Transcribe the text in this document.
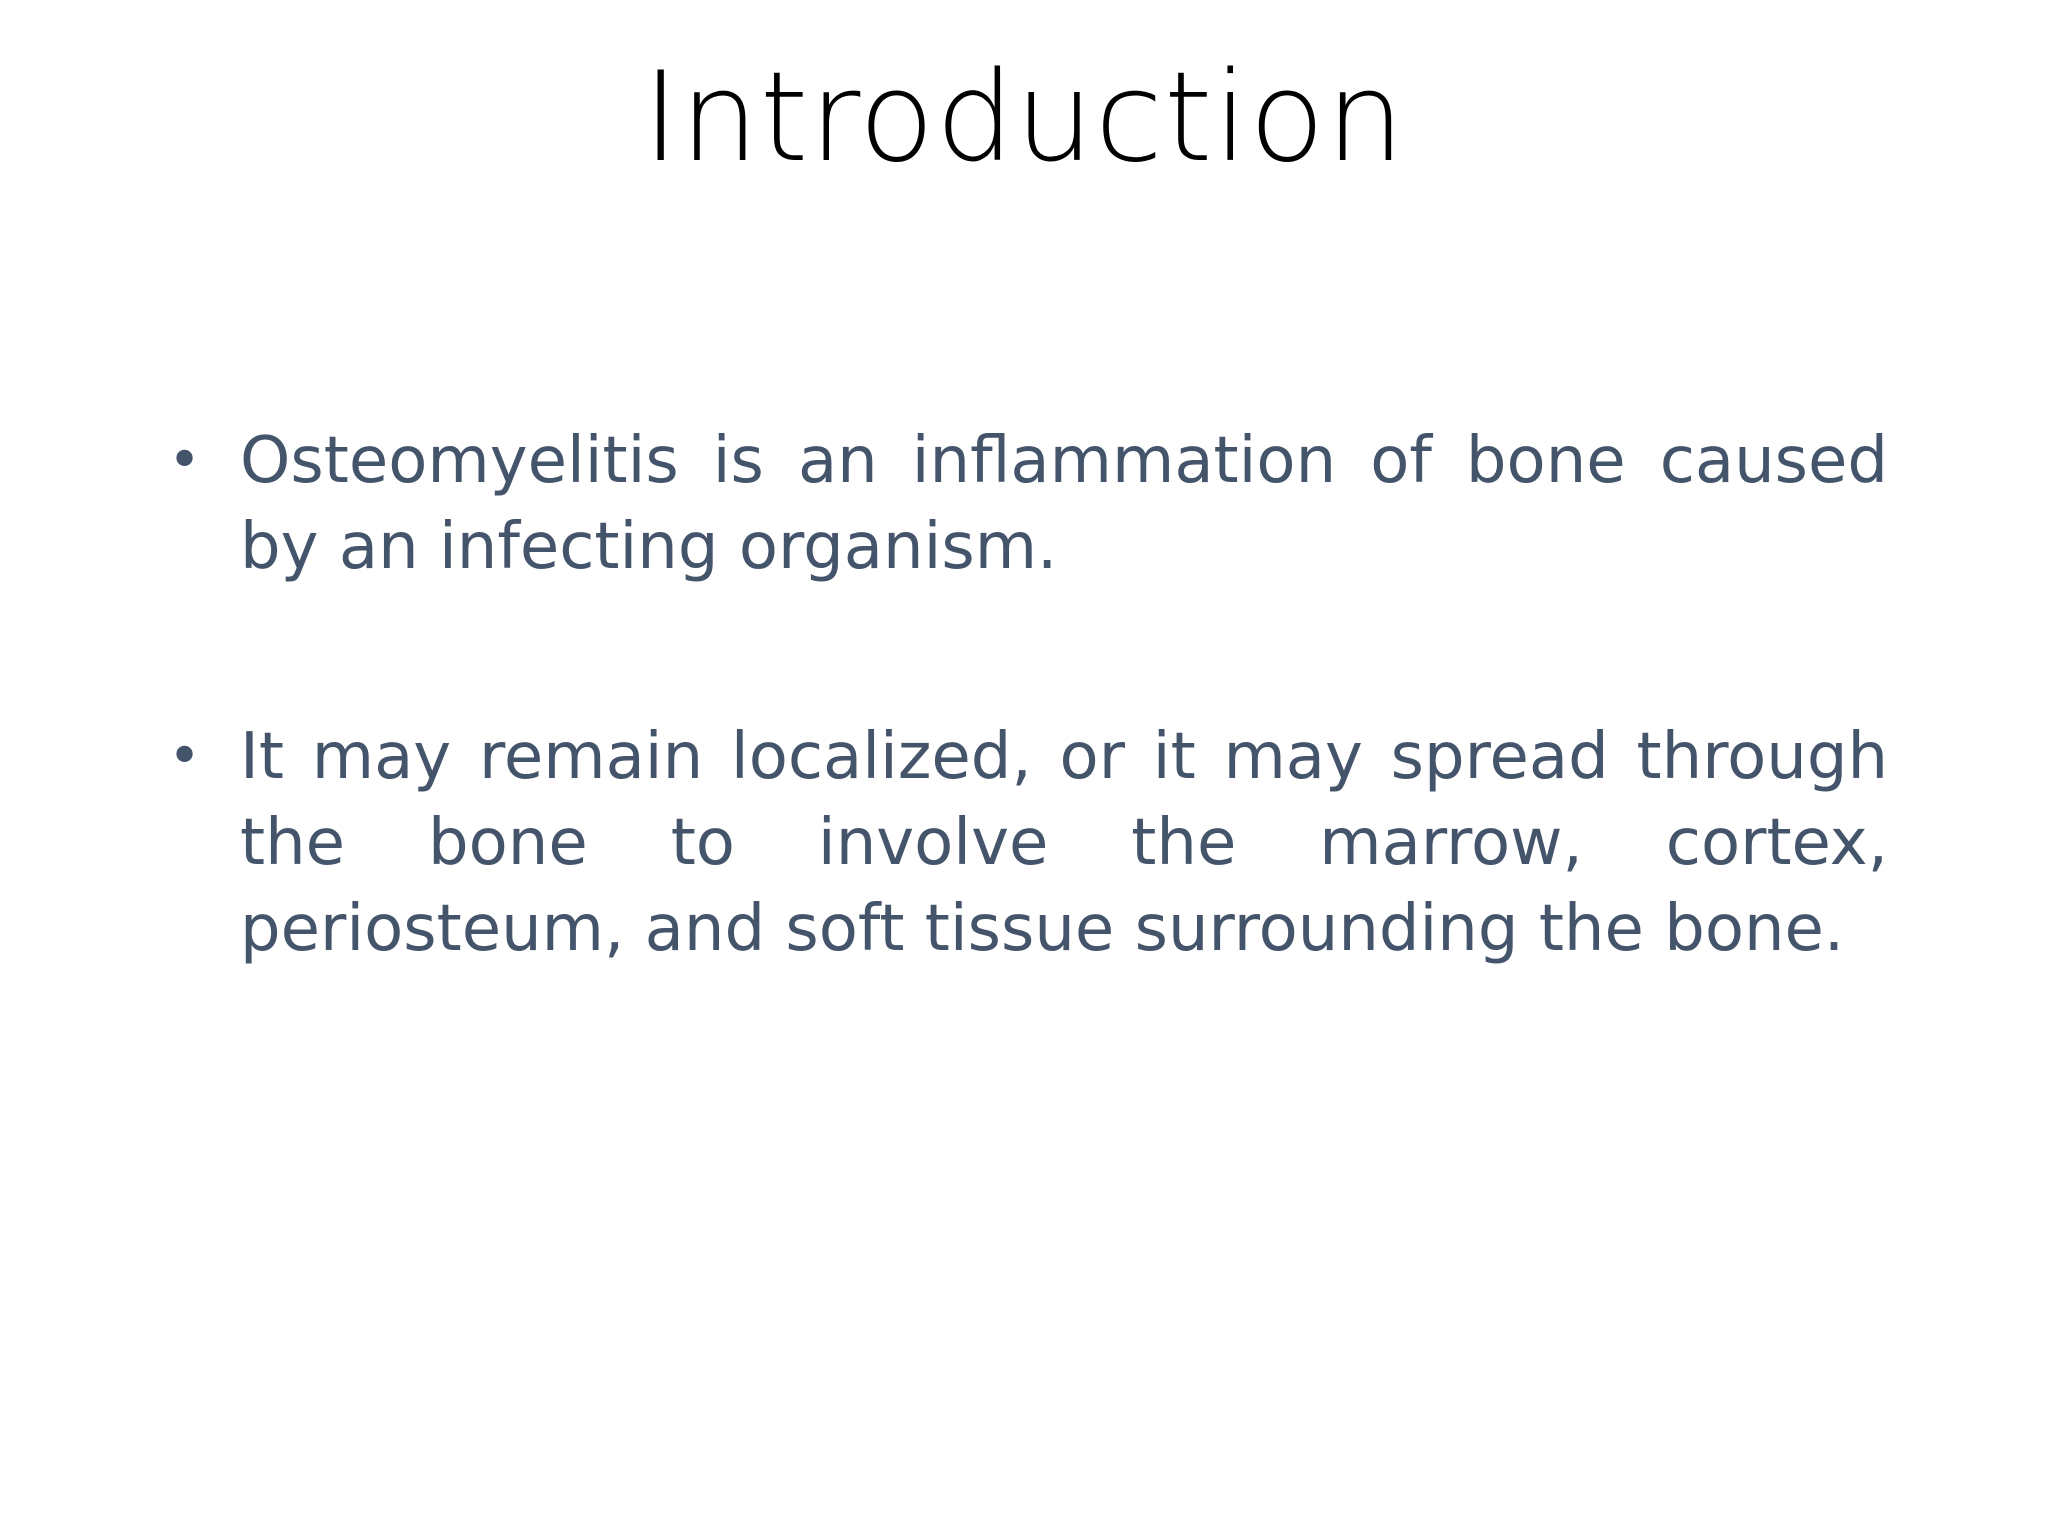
Introduction
• Osteomyelitis is an inflammation of bone caused by an infecting organism.
• It may remain localized, or it may spread through the bone to involve the marrow, cortex, periosteum, and soft tissue surrounding the bone.
